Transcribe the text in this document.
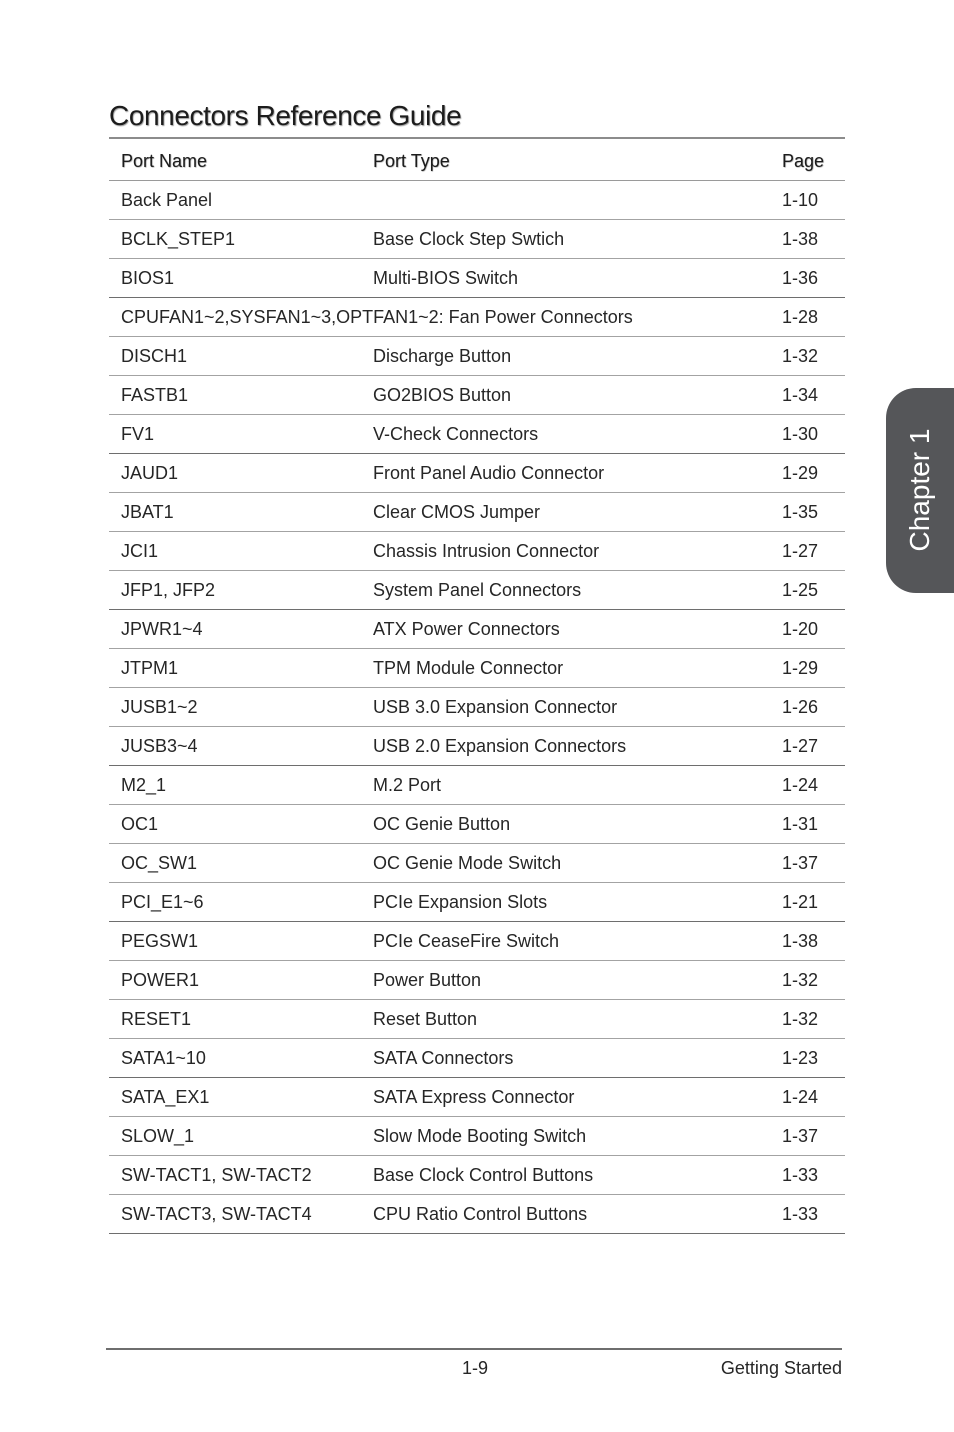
Connectors Reference Guide
Port Name	Port Type	Page
Back Panel		1-10
BCLK_STEP1	Base Clock Step Swtich	1-38
BIOS1	Multi-BIOS Switch	1-36
CPUFAN1~2,SYSFAN1~3,OPTFAN1~2: Fan Power Connectors		1-28
DISCH1	Discharge Button	1-32
FASTB1	GO2BIOS Button	1-34
FV1	V-Check Connectors	1-30
JAUD1	Front Panel Audio Connector	1-29
JBAT1	Clear CMOS Jumper	1-35
JCI1	Chassis Intrusion Connector	1-27
JFP1, JFP2	System Panel Connectors	1-25
JPWR1~4	ATX Power Connectors	1-20
JTPM1	TPM Module Connector	1-29
JUSB1~2	USB 3.0 Expansion Connector	1-26
JUSB3~4	USB 2.0 Expansion Connectors	1-27
M2_1	M.2 Port	1-24
OC1	OC Genie Button	1-31
OC_SW1	OC Genie Mode Switch	1-37
PCI_E1~6	PCIe Expansion Slots	1-21
PEGSW1	PCIe CeaseFire Switch	1-38
POWER1	Power Button	1-32
RESET1	Reset Button	1-32
SATA1~10	SATA Connectors	1-23
SATA_EX1	SATA Express Connector	1-24
SLOW_1	Slow Mode Booting Switch	1-37
SW-TACT1, SW-TACT2	Base Clock Control Buttons	1-33
SW-TACT3, SW-TACT4	CPU Ratio Control Buttons	1-33
Chapter 1
1-9	Getting Started
